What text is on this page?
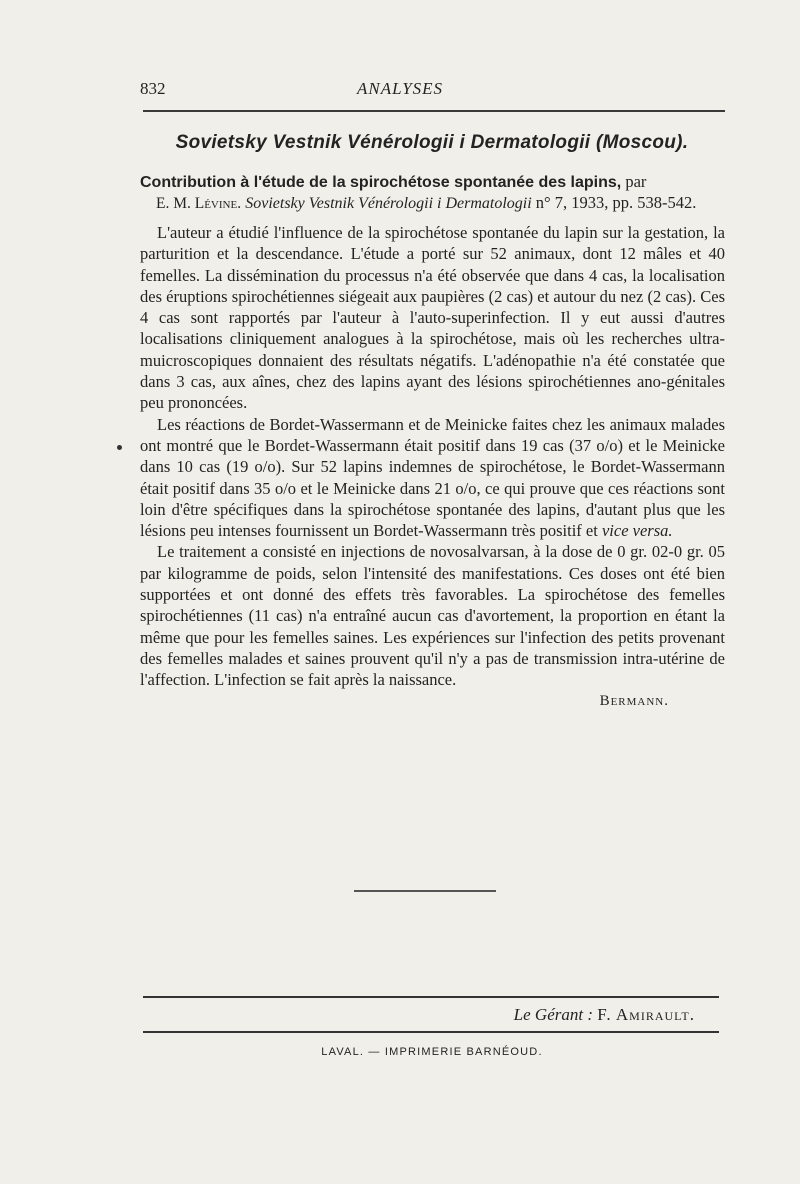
832	ANALYSES
Sovietsky Vestnik Vénérologii i Dermatologii (Moscou).
Contribution à l'étude de la spirochétose spontanée des lapins, par
E. M. Lévine. Sovietsky Vestnik Vénérologii i Dermatologii n° 7, 1933, pp. 538-542.

L'auteur a étudié l'influence de la spirochétose spontanée du lapin sur la gestation, la parturition et la descendance. L'étude a porté sur 52 animaux, dont 12 mâles et 40 femelles. La dissémination du processus n'a été observée que dans 4 cas, la localisation des éruptions spirochétiennes siégeait aux paupières (2 cas) et autour du nez (2 cas). Ces 4 cas sont rapportés par l'auteur à l'auto-superinfection. Il y eut aussi d'autres localisations cliniquement analogues à la spirochétose, mais où les recherches ultra-muicroscopiques donnaient des résultats négatifs. L'adénopathie n'a été constatée que dans 3 cas, aux aînes, chez des lapins ayant des lésions spirochétiennes ano-génitales peu prononcées.

Les réactions de Bordet-Wassermann et de Meinicke faites chez les animaux malades ont montré que le Bordet-Wassermann était positif dans 19 cas (37 o/o) et le Meinicke dans 10 cas (19 o/o). Sur 52 lapins indemnes de spirochétose, le Bordet-Wassermann était positif dans 35 o/o et le Meinicke dans 21 o/o, ce qui prouve que ces réactions sont loin d'être spécifiques dans la spirochétose spontanée des lapins, d'autant plus que les lésions peu intenses fournissent un Bordet-Wassermann très positif et vice versa.

Le traitement a consisté en injections de novosalvarsan, à la dose de 0 gr. 02-0 gr. 05 par kilogramme de poids, selon l'intensité des manifestations. Ces doses ont été bien supportées et ont donné des effets très favorables. La spirochétose des femelles spirochétiennes (11 cas) n'a entraîné aucun cas d'avortement, la proportion en étant la même que pour les femelles saines. Les expériences sur l'infection des petits provenant des femelles malades et saines prouvent qu'il n'y a pas de transmission intra-utérine de l'affection. L'infection se fait après la naissance.

Bermann.
Le Gérant : F. Amirault.
LAVAL. — IMPRIMERIE BARNÉOUD.
